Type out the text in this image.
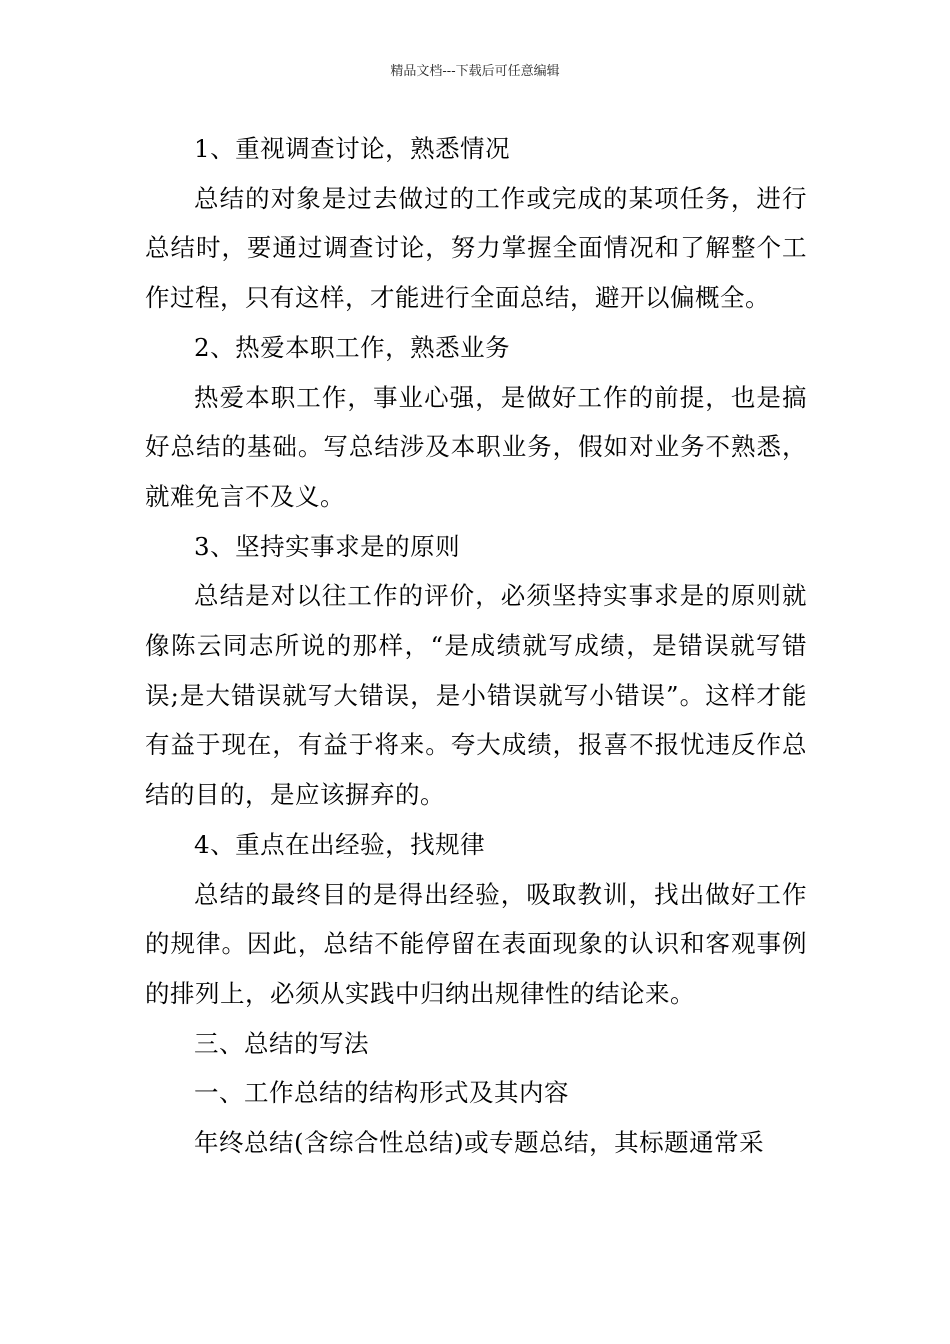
精品文档---下载后可任意编辑

1、重视调查讨论，熟悉情况

总结的对象是过去做过的工作或完成的某项任务，进行总结时，要通过调查讨论，努力掌握全面情况和了解整个工作过程，只有这样，才能进行全面总结，避开以偏概全。

2、热爱本职工作，熟悉业务

热爱本职工作，事业心强，是做好工作的前提，也是搞好总结的基础。写总结涉及本职业务，假如对业务不熟悉，就难免言不及义。

3、坚持实事求是的原则

总结是对以往工作的评价，必须坚持实事求是的原则就像陈云同志所说的那样，“是成绩就写成绩，是错误就写错误;是大错误就写大错误，是小错误就写小错误”。这样才能有益于现在，有益于将来。夸大成绩，报喜不报忧违反作总结的目的，是应该摒弃的。

4、重点在出经验，找规律

总结的最终目的是得出经验，吸取教训，找出做好工作的规律。因此，总结不能停留在表面现象的认识和客观事例的排列上，必须从实践中归纳出规律性的结论来。

三、总结的写法

一、工作总结的结构形式及其内容

年终总结(含综合性总结)或专题总结，其标题通常采
